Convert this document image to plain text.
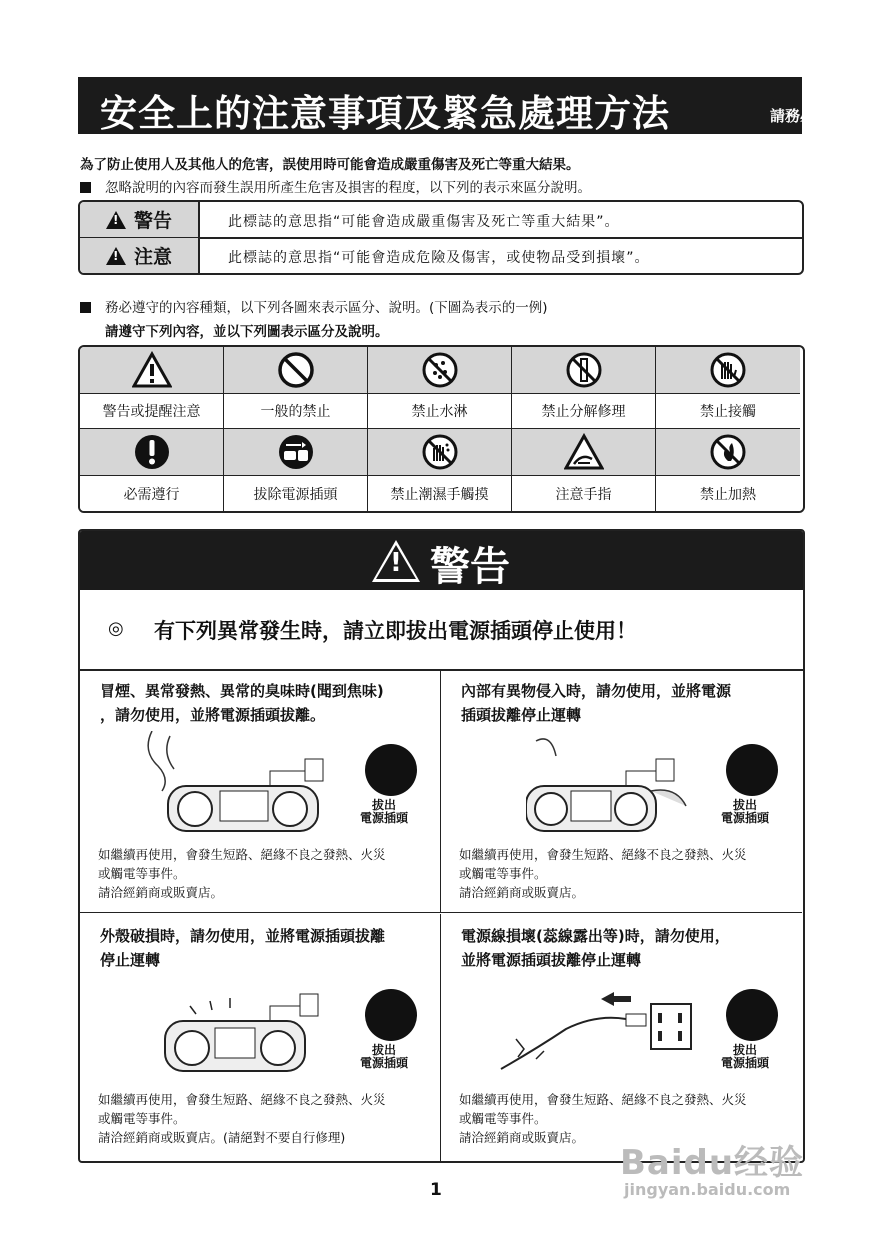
安全上的注意事項及緊急處理方法	請務必遵守
為了防止使用人及其他人的危害，誤使用時可能會造成嚴重傷害及死亡等重大結果。
忽略說明的內容而發生誤用所產生危害及損害的程度，以下列的表示來區分說明。
!
警告	此標誌的意思指“可能會造成嚴重傷害及死亡等重大結果”。
!
注意	此標誌的意思指“可能會造成危險及傷害，或使物品受到損壞”。
務必遵守的內容種類，以下列各圖來表示區分、說明。(下圖為表示的一例)
請遵守下列內容，並以下列圖表示區分及說明。
警告或提醒注意	一般的禁止	禁止水淋	禁止分解修理	禁止接觸
必需遵行	拔除電源插頭	禁止潮濕手觸摸	注意手指	禁止加熱
! 警告
◎ 有下列異常發生時，請立即拔出電源插頭停止使用！
冒煙、異常發熱、異常的臭味時(聞到焦味)
，請勿使用，並將電源插頭拔離。
拔出
電源插頭
如繼續再使用，會發生短路、絕緣不良之發熱、火災
或觸電等事件。
請洽經銷商或販賣店。
內部有異物侵入時，請勿使用，並將電源
插頭拔離停止運轉
拔出
電源插頭
如繼續再使用，會發生短路、絕緣不良之發熱、火災
或觸電等事件。
請洽經銷商或販賣店。
外殼破損時，請勿使用，並將電源插頭拔離
停止運轉
拔出
電源插頭
如繼續再使用，會發生短路、絕緣不良之發熱、火災
或觸電等事件。
請洽經銷商或販賣店。(請絕對不要自行修理)
電源線損壞(蕊線露出等)時，請勿使用，
並將電源插頭拔離停止運轉
拔出
電源插頭
如繼續再使用，會發生短路、絕緣不良之發熱、火災
或觸電等事件。
請洽經銷商或販賣店。
1
Baidu经验
jingyan.baidu.com
